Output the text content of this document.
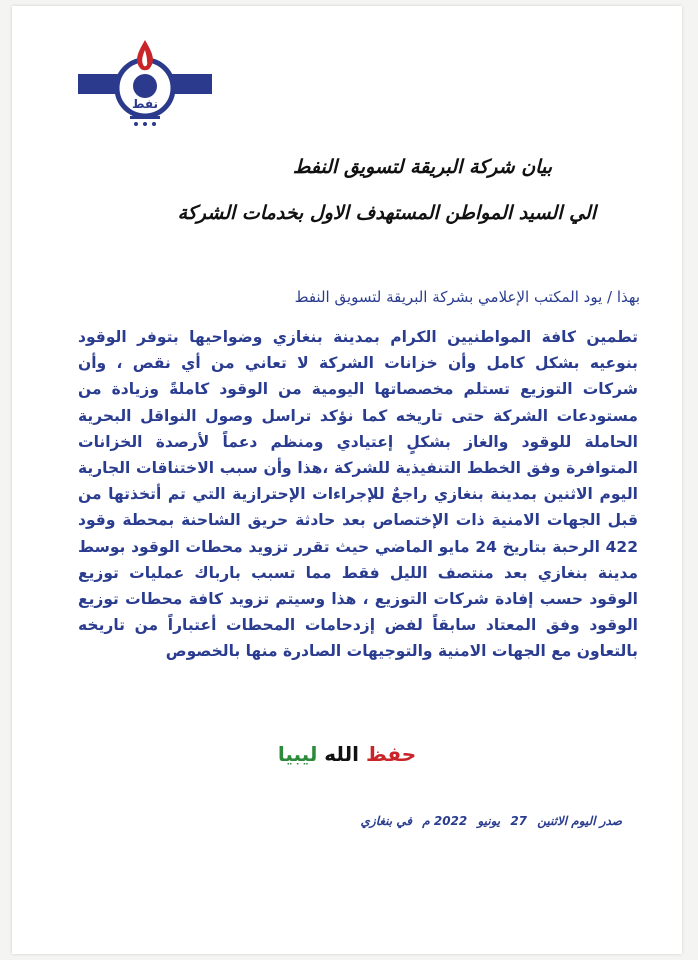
نفط
بيان شركة البريقة لتسويق النفط
الي السيد المواطن المستهدف الاول بخدمات الشركة
بهذا / يود المكتب الإعلامي بشركة البريقة لتسويق النفط
تطمين كافة المواطنيين الكرام بمدينة بنغازي وضواحيها بتوفر الوقود بنوعيه بشكل كامل وأن خزانات الشركة لا تعاني من أي نقص ، وأن شركات التوزيع تستلم مخصصاتها اليومية من الوقود كاملةً وزيادة من مستودعات الشركة حتى تاريخه كما نؤكد تراسل وصول النواقل البحرية الحاملة للوقود والغاز بشكلٍ إعتيادي ومنظم دعماً لأرصدة الخزانات المتوافرة وفق الخطط التنفيذية للشركة ،هذا وأن سبب الاختناقات الجارية اليوم الاثنين بمدينة بنغازي راجعٌ للإجراءات الإحترازية التي تم أتخذتها من قبل الجهات الامنية ذات الإختصاص بعد حادثة حريق الشاحنة بمحطة وقود 422 الرحبة بتاريخ 24 مايو الماضي حيث تقرر تزويد محطات الوقود بوسط مدينة بنغازي بعد منتصف الليل فقط مما تسبب بارباك عمليات توزيع الوقود حسب إفادة شركات التوزيع ، هذا وسيتم تزويد كافة محطات توزيع الوقود وفق المعتاد سابقاً لفض إزدحامات المحطات أعتباراً من تاريخه بالتعاون مع الجهات الامنية والتوجيهات الصادرة منها بالخصوص
حفظ الله ليبيا
صدر اليوم الاثنين 27 يونيو 2022 م في بنغازي
